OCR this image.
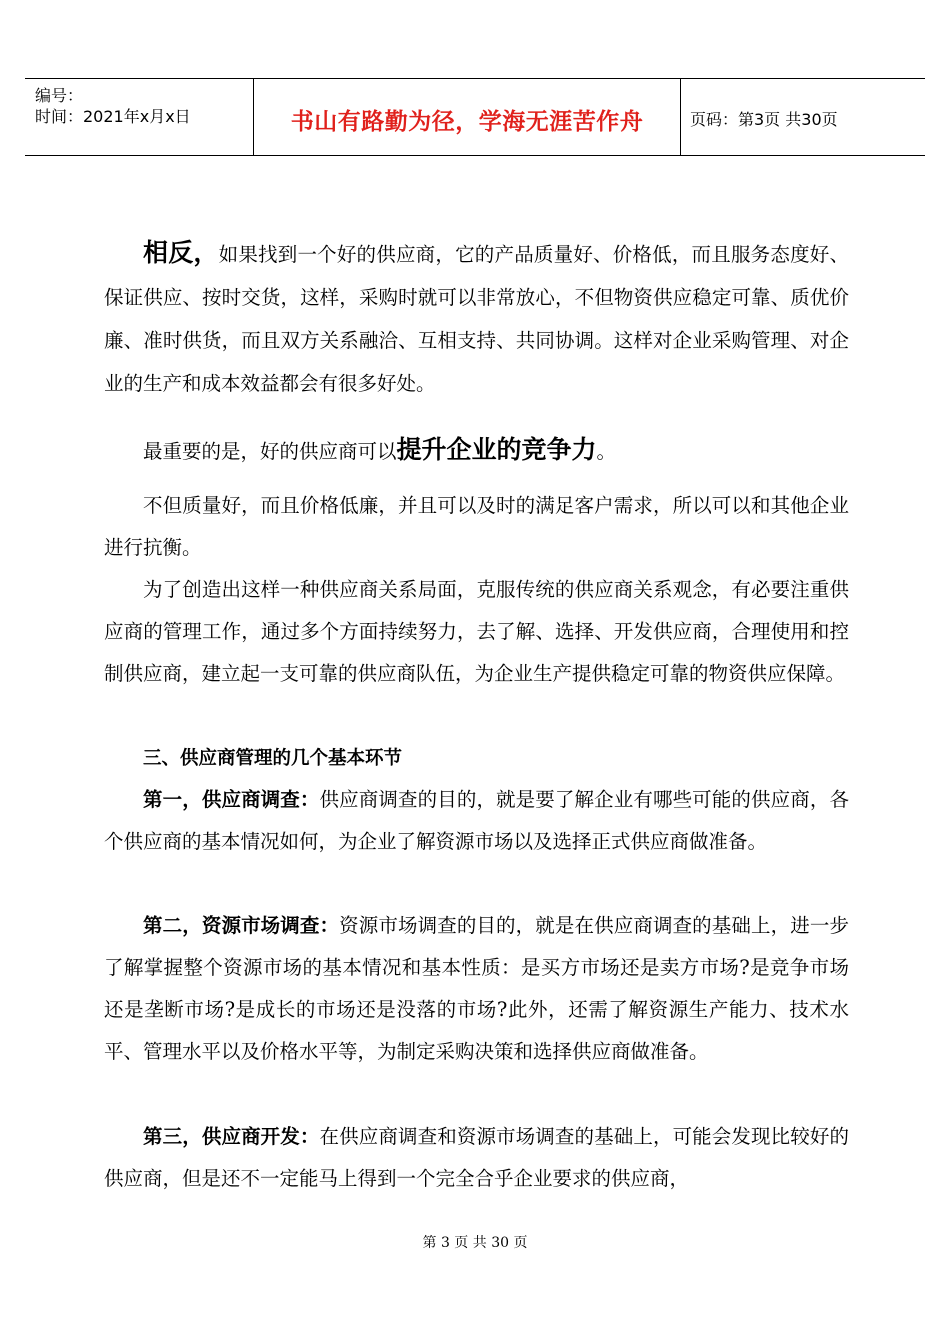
编号：
时间：2021年x月x日	书山有路勤为径，学海无涯苦作舟	页码：第3页 共30页

相反，如果找到一个好的供应商，它的产品质量好、价格低，而且服务态度好、保证供应、按时交货，这样，采购时就可以非常放心，不但物资供应稳定可靠、质优价廉、准时供货，而且双方关系融洽、互相支持、共同协调。这样对企业采购管理、对企业的生产和成本效益都会有很多好处。

最重要的是，好的供应商可以提升企业的竞争力。

不但质量好，而且价格低廉，并且可以及时的满足客户需求，所以可以和其他企业进行抗衡。

为了创造出这样一种供应商关系局面，克服传统的供应商关系观念，有必要注重供应商的管理工作，通过多个方面持续努力，去了解、选择、开发供应商，合理使用和控制供应商，建立起一支可靠的供应商队伍，为企业生产提供稳定可靠的物资供应保障。

三、供应商管理的几个基本环节

第一，供应商调查：供应商调查的目的，就是要了解企业有哪些可能的供应商，各个供应商的基本情况如何，为企业了解资源市场以及选择正式供应商做准备。

第二，资源市场调查：资源市场调查的目的，就是在供应商调查的基础上，进一步了解掌握整个资源市场的基本情况和基本性质：是买方市场还是卖方市场?是竞争市场还是垄断市场?是成长的市场还是没落的市场?此外，还需了解资源生产能力、技术水平、管理水平以及价格水平等，为制定采购决策和选择供应商做准备。

第三，供应商开发：在供应商调查和资源市场调查的基础上，可能会发现比较好的供应商，但是还不一定能马上得到一个完全合乎企业要求的供应商，

第 3 页 共 30 页
